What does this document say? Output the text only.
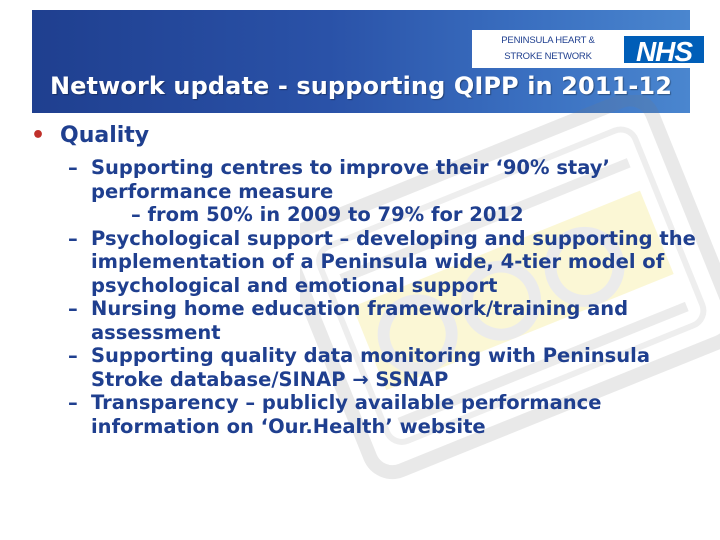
PENINSULA HEART &
STROKE NETWORK	NHS
Network update - supporting QIPP in 2011-12
• Quality
– Supporting centres to improve their ‘90% stay’
performance measure
– from 50% in 2009 to 79% for 2012
– Psychological support – developing and supporting the
implementation of a Peninsula wide, 4-tier model of
psychological and emotional support
– Nursing home education framework/training and
assessment
– Supporting quality data monitoring with Peninsula
Stroke database/SINAP → SSNAP
– Transparency – publicly available performance
information on ‘Our.Health’ website
